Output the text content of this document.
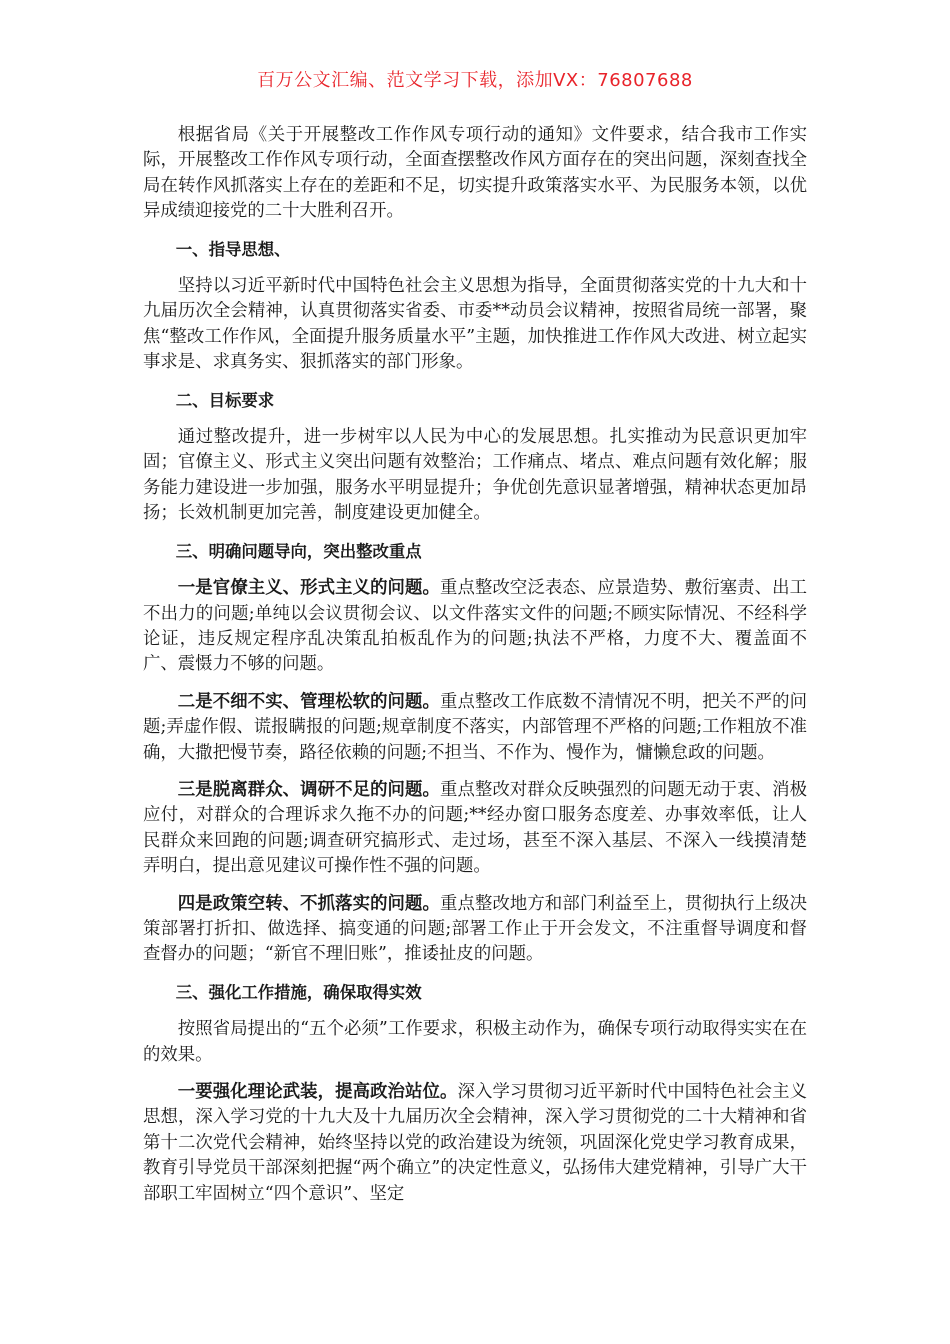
百万公文汇编、范文学习下载，添加VX：76807688

根据省局《关于开展整改工作作风专项行动的通知》文件要求，结合我市工作实际，开展整改工作作风专项行动，全面查摆整改作风方面存在的突出问题，深刻查找全局在转作风抓落实上存在的差距和不足，切实提升政策落实水平、为民服务本领，以优异成绩迎接党的二十大胜利召开。

一、指导思想、

坚持以习近平新时代中国特色社会主义思想为指导，全面贯彻落实党的十九大和十九届历次全会精神，认真贯彻落实省委、市委**动员会议精神，按照省局统一部署，聚焦“整改工作作风，全面提升服务质量水平”主题，加快推进工作作风大改进、树立起实事求是、求真务实、狠抓落实的部门形象。

二、目标要求

通过整改提升，进一步树牢以人民为中心的发展思想。扎实推动为民意识更加牢固；官僚主义、形式主义突出问题有效整治；工作痛点、堵点、难点问题有效化解；服务能力建设进一步加强，服务水平明显提升；争优创先意识显著增强，精神状态更加昂扬；长效机制更加完善，制度建设更加健全。

三、明确问题导向，突出整改重点

一是官僚主义、形式主义的问题。重点整改空泛表态、应景造势、敷衍塞责、出工不出力的问题;单纯以会议贯彻会议、以文件落实文件的问题;不顾实际情况、不经科学论证，违反规定程序乱决策乱拍板乱作为的问题;执法不严格，力度不大、覆盖面不广、震慑力不够的问题。

二是不细不实、管理松软的问题。重点整改工作底数不清情况不明，把关不严的问题;弄虚作假、谎报瞒报的问题;规章制度不落实，内部管理不严格的问题;工作粗放不准确，大撒把慢节奏，路径依赖的问题;不担当、不作为、慢作为，慵懒怠政的问题。

三是脱离群众、调研不足的问题。重点整改对群众反映强烈的问题无动于衷、消极应付，对群众的合理诉求久拖不办的问题;**经办窗口服务态度差、办事效率低，让人民群众来回跑的问题;调查研究搞形式、走过场，甚至不深入基层、不深入一线摸清楚弄明白，提出意见建议可操作性不强的问题。

四是政策空转、不抓落实的问题。重点整改地方和部门利益至上，贯彻执行上级决策部署打折扣、做选择、搞变通的问题;部署工作止于开会发文，不注重督导调度和督查督办的问题；“新官不理旧账”，推诿扯皮的问题。

三、强化工作措施，确保取得实效

按照省局提出的“五个必须”工作要求，积极主动作为，确保专项行动取得实实在在的效果。

一要强化理论武装，提高政治站位。深入学习贯彻习近平新时代中国特色社会主义思想，深入学习党的十九大及十九届历次全会精神，深入学习贯彻党的二十大精神和省第十二次党代会精神，始终坚持以党的政治建设为统领，巩固深化党史学习教育成果，教育引导党员干部深刻把握“两个确立”的决定性意义，弘扬伟大建党精神，引导广大干部职工牢固树立“四个意识”、坚定
